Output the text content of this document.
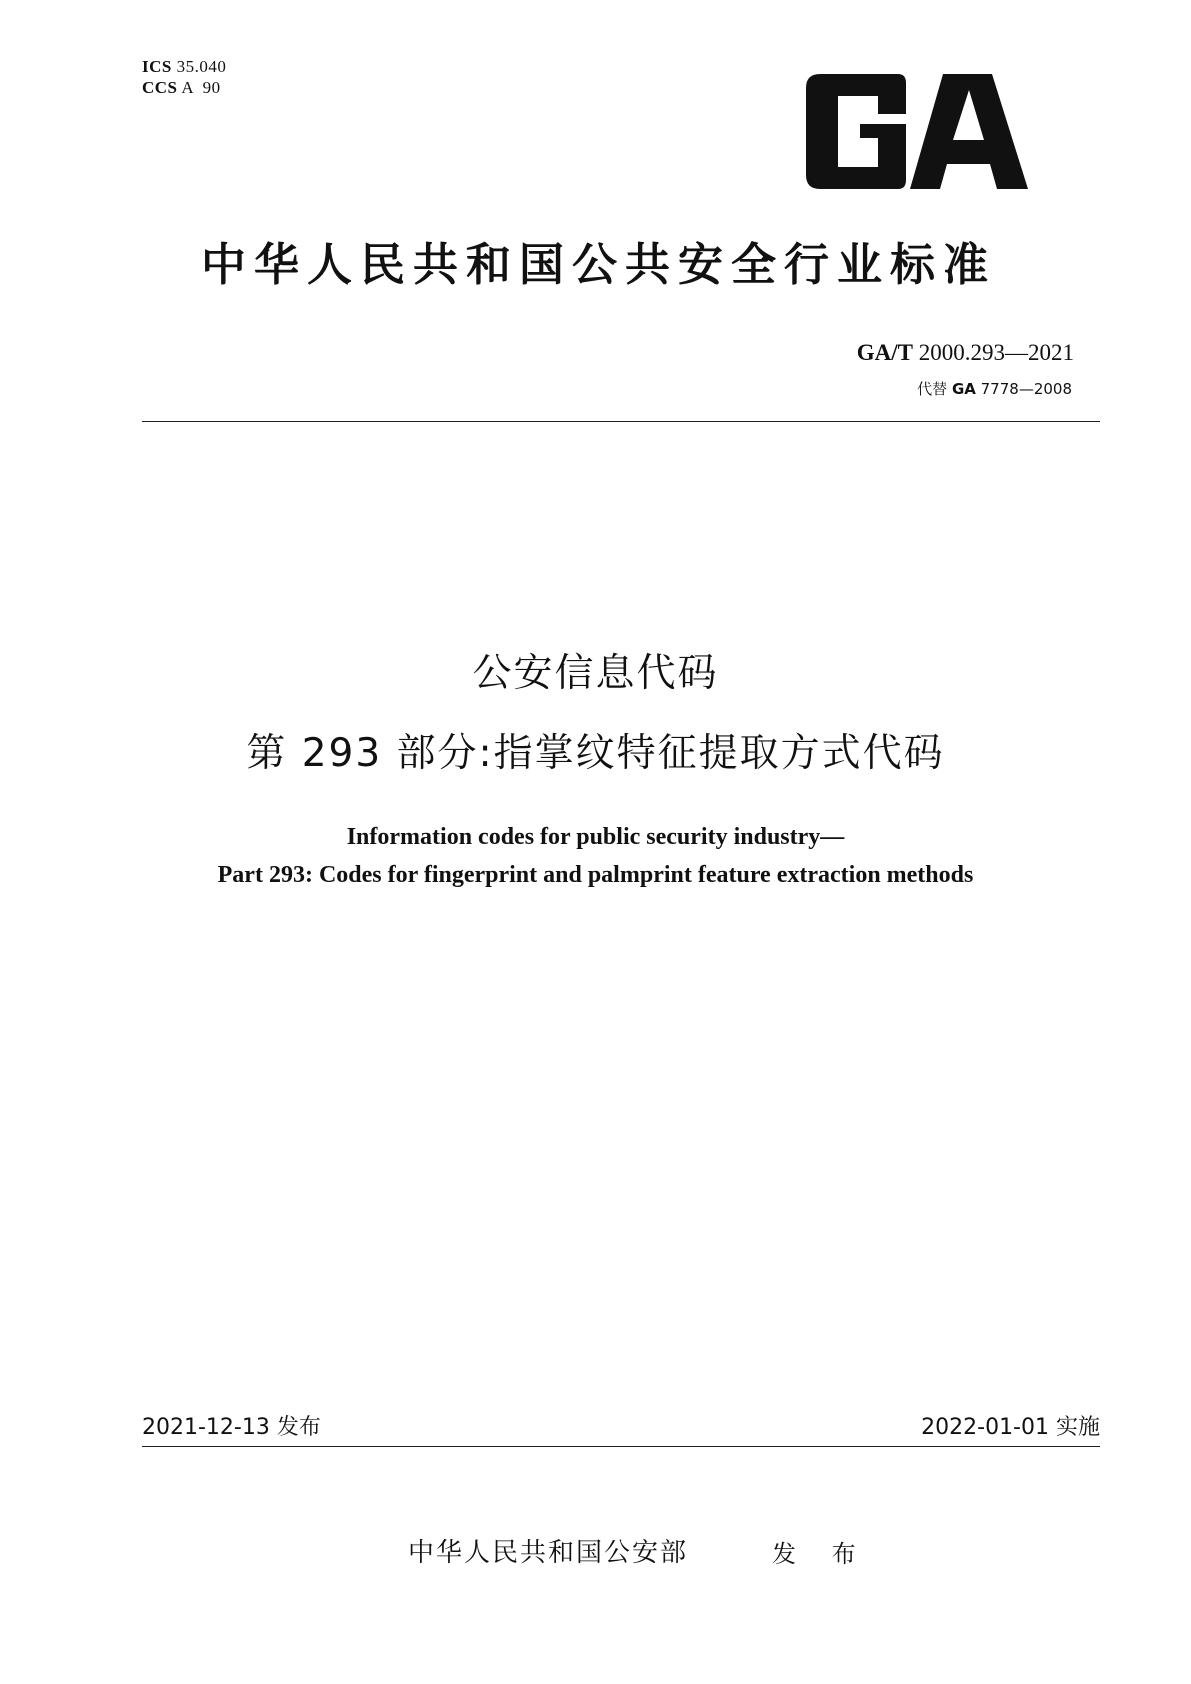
ICS 35.040
CCS A  90
中华人民共和国公共安全行业标准
GA/T 2000.293—2021
代替 GA 7778—2008
公安信息代码
第 293 部分:指掌纹特征提取方式代码
Information codes for public security industry—
Part 293: Codes for fingerprint and palmprint feature extraction methods
2021-12-13 发布	2022-01-01 实施
中华人民共和国公安部	发 布
